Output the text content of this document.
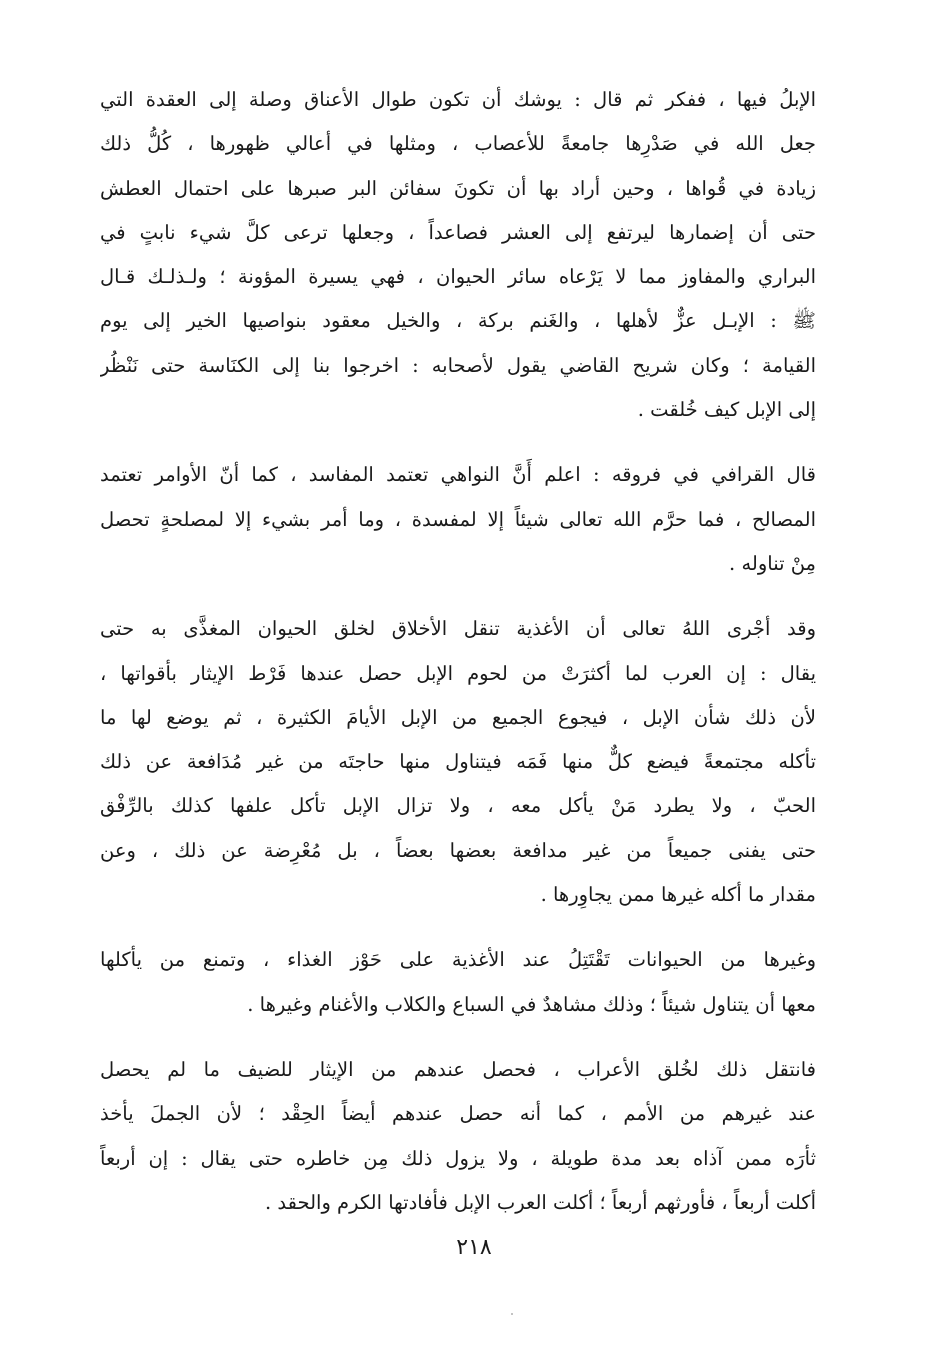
الإبلُ فيها ، ففكر ثم قال : يوشك أن تكون طوال الأعناق وصلة إلى العقدة التي
جعل الله في صَدْرِها جامعةً للأعصاب ، ومثلها في أعالي ظهورها ، كُلُّ ذلك
زيادة في قُواها ، وحين أراد بها أن تكونَ سفائن البر صبرها على احتمال العطش
حتى أن إضمارها ليرتفع إلى العشر فصاعداً ، وجعلها ترعى كلَّ شيء نابتٍ في
البراري والمفاوز مما لا يَرْعاه سائر الحيوان ، فهي يسيرة المؤونة ؛ ولـذلـك قـال
ﷺ : الإبـل عزٌّ لأهلها ، والغَنم بركة ، والخيل معقود بنواصيها الخير إلى يوم
القيامة ؛ وكان شريح القاضي يقول لأصحابه : اخرجوا بنا إلى الكنَاسة حتى نَنْظُر
إلى الإبل كيف خُلقت .
قال القرافي في فروقه : اعلم أَنَّ النواهي تعتمد المفاسد ، كما أنّ الأوامر تعتمد
المصالح ، فما حرَّم الله تعالى شيئاً إلا لمفسدة ، وما أمر بشيء إلا لمصلحةٍ تحصل
مِنْ تناوله .
وقد أجْرى اللهُ تعالى أن الأغذية تنقل الأخلاق لخلق الحيوان المغذَّى به حتى
يقال : إن العرب لما أكثرَتْ من لحوم الإبل حصل عندها فَرْط الإيثار بأقواتها ،
لأن ذلك شأن الإبل ، فيجوع الجميع من الإبل الأيامَ الكثيرة ، ثم يوضع لها ما
تأكله مجتمعةً فيضع كلٌّ منها فَمَه فيتناول منها حاجتَه من غير مُدَافعة عن ذلك
الحبّ ، ولا يطرد مَنْ يأكل معه ، ولا تزال الإبل تأكل علفها كذلك بالرِّفْق
حتى يفنى جميعاً من غير مدافعة بعضها بعضاً ، بل مُعْرِضة عن ذلك ، وعن
مقدار ما أكله غيرها ممن يجاوِرها .
وغيرها من الحيوانات تَقْتَتِلُ عند الأغذية على حَوْز الغذاء ، وتمنع من يأكلها
معها أن يتناول شيئاً ؛ وذلك مشاهدٌ في السباع والكلاب والأغنام وغيرها .
فانتقل ذلك لخُلق الأعراب ، فحصل عندهم من الإيثار للضيف ما لم يحصل
عند غيرهم من الأمم ، كما أنه حصل عندهم أيضاً الحِقْد ؛ لأن الجملَ يأخذ
ثأرَه ممن آذاه بعد مدة طويلة ، ولا يزول ذلك مِن خاطره حتى يقال : إن أربعاً
أكلت أربعاً ، فأورثهم أربعاً ؛ أكلت العرب الإبل فأفادتها الكرم والحقد .
٢١٨
